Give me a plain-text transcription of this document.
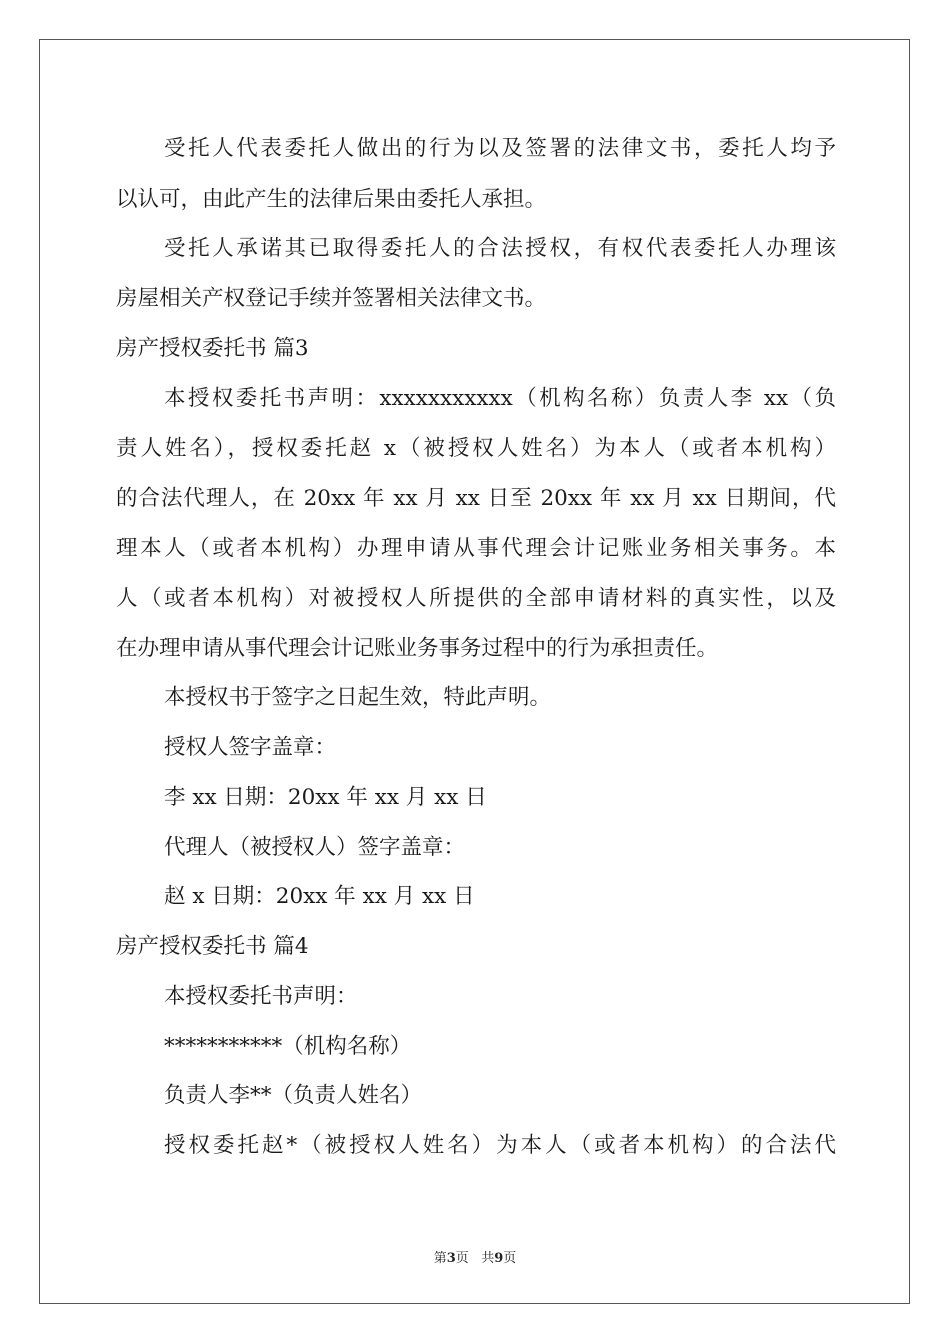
受托人代表委托人做出的行为以及签署的法律文书，委托人均予
以认可，由此产生的法律后果由委托人承担。
受托人承诺其已取得委托人的合法授权，有权代表委托人办理该
房屋相关产权登记手续并签署相关法律文书。
房产授权委托书 篇3
本授权委托书声明：xxxxxxxxxxx（机构名称）负责人李 xx（负
责人姓名），授权委托赵 x（被授权人姓名）为本人（或者本机构）
的合法代理人，在 20xx 年 xx 月 xx 日至 20xx 年 xx 月 xx 日期间，代
理本人（或者本机构）办理申请从事代理会计记账业务相关事务。本
人（或者本机构）对被授权人所提供的全部申请材料的真实性，以及
在办理申请从事代理会计记账业务事务过程中的行为承担责任。
本授权书于签字之日起生效，特此声明。
授权人签字盖章：
李 xx 日期：20xx 年 xx 月 xx 日
代理人（被授权人）签字盖章：
赵 x 日期：20xx 年 xx 月 xx 日
房产授权委托书 篇4
本授权委托书声明：
***********（机构名称）
负责人李**（负责人姓名）
授权委托赵*（被授权人姓名）为本人（或者本机构）的合法代
第3页 共9页
